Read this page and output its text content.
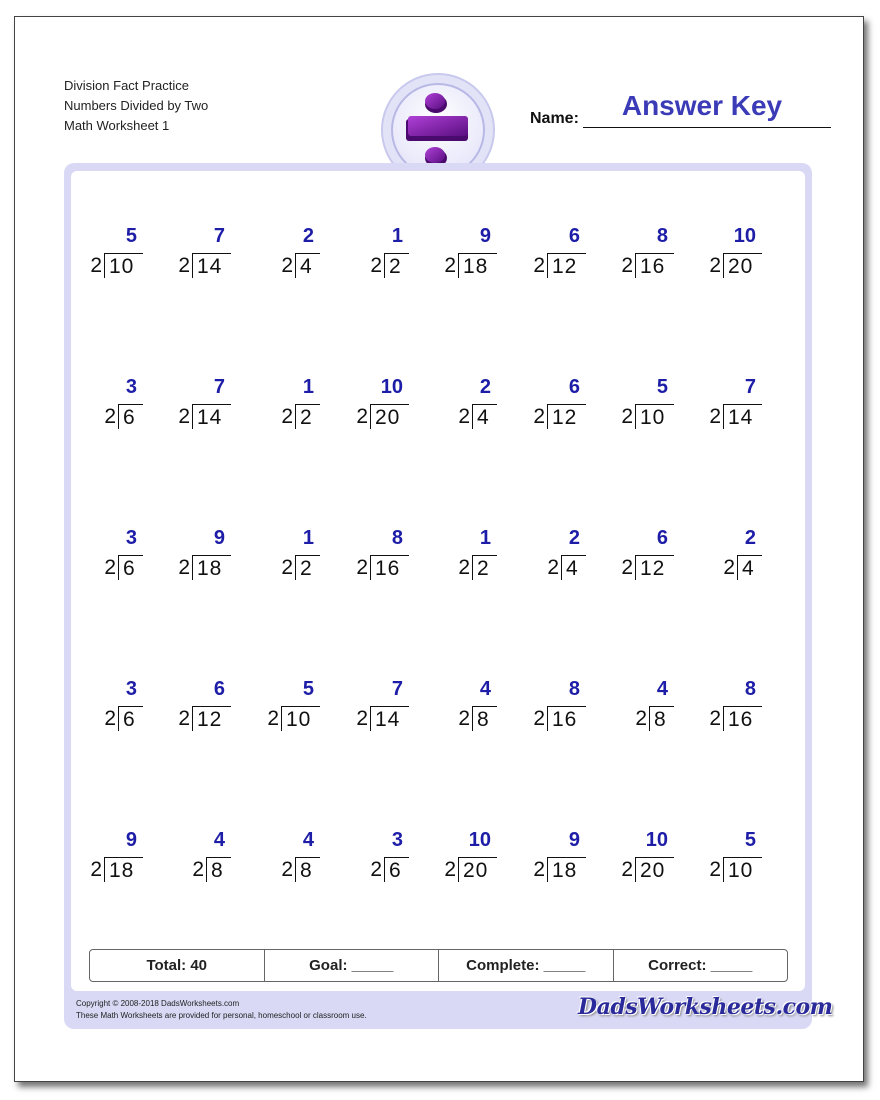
Division Fact Practice
Numbers Divided by Two
Math Worksheet 1	Name:	Answer Key
5
10
2
7
14
2
2
4
2
1
2
2
9
18
2
6
12
2
8
16
2
10
20
2
3
6
2
7
14
2
1
2
2
10
20
2
2
4
2
6
12
2
5
10
2
7
14
2
3
6
2
9
18
2
1
2
2
8
16
2
1
2
2
2
4
2
6
12
2
2
4
2
3
6
2
6
12
2
5
10
2
7
14
2
4
8
2
8
16
2
4
8
2
8
16
2
9
18
2
4
8
2
4
8
2
3
6
2
10
20
2
9
18
2
10
20
2
5
10
2
Total: 40	Goal: _____	Complete: _____	Correct: _____
Copyright © 2008-2018 DadsWorksheets.com
These Math Worksheets are provided for personal, homeschool or classroom use.	DadsWorksheets.com
